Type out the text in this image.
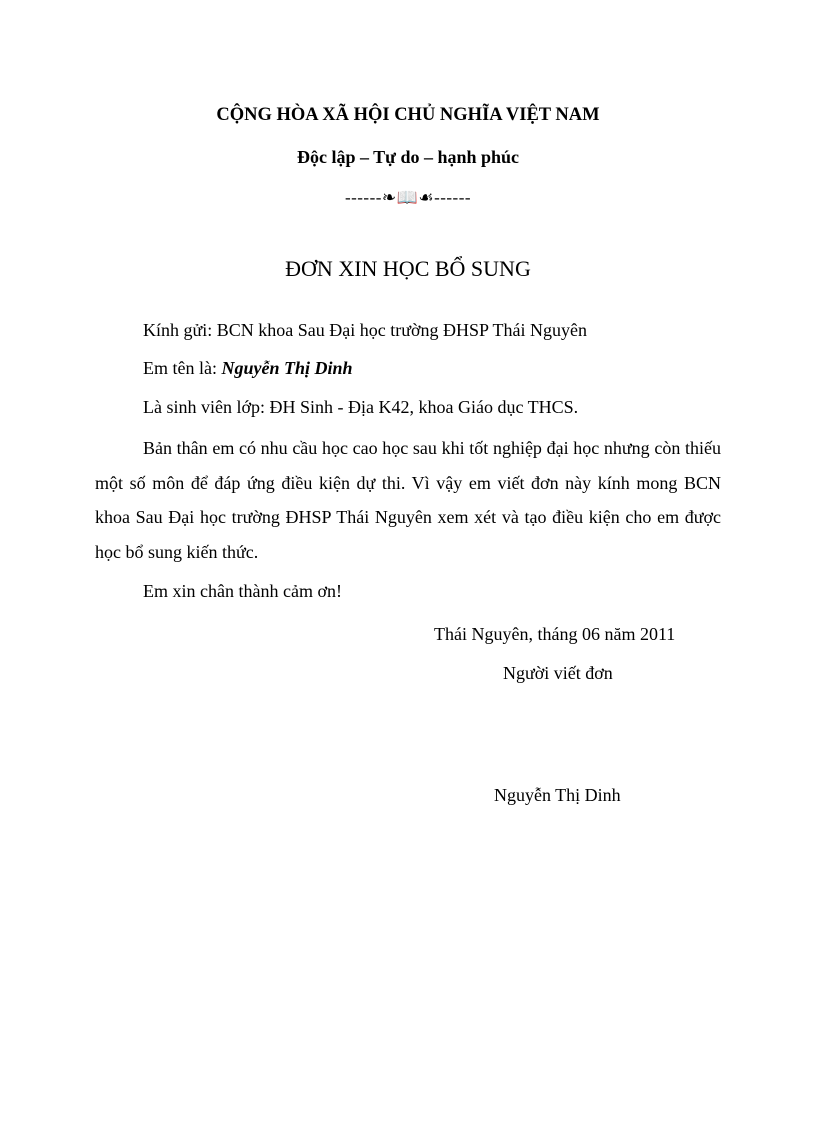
CỘNG HÒA XÃ HỘI CHỦ NGHĨA VIỆT NAM
Độc lập – Tự do – hạnh phúc
------❧📖☙------
ĐƠN XIN HỌC BỔ SUNG
Kính gửi: BCN khoa Sau Đại học trường ĐHSP Thái Nguyên
Em tên là: Nguyễn Thị Dinh
Là sinh viên lớp: ĐH Sinh - Địa K42, khoa Giáo dục THCS.
Bản thân em có nhu cầu học cao học sau khi tốt nghiệp đại học nhưng còn thiếu một số môn để đáp ứng điều kiện dự thi. Vì vậy em viết đơn này kính mong BCN khoa Sau Đại học trường ĐHSP Thái Nguyên xem xét và tạo điều kiện cho em được học bổ sung kiến thức.
Em xin chân thành cảm ơn!
Thái Nguyên, tháng 06 năm 2011
Người viết đơn
Nguyễn Thị Dinh
